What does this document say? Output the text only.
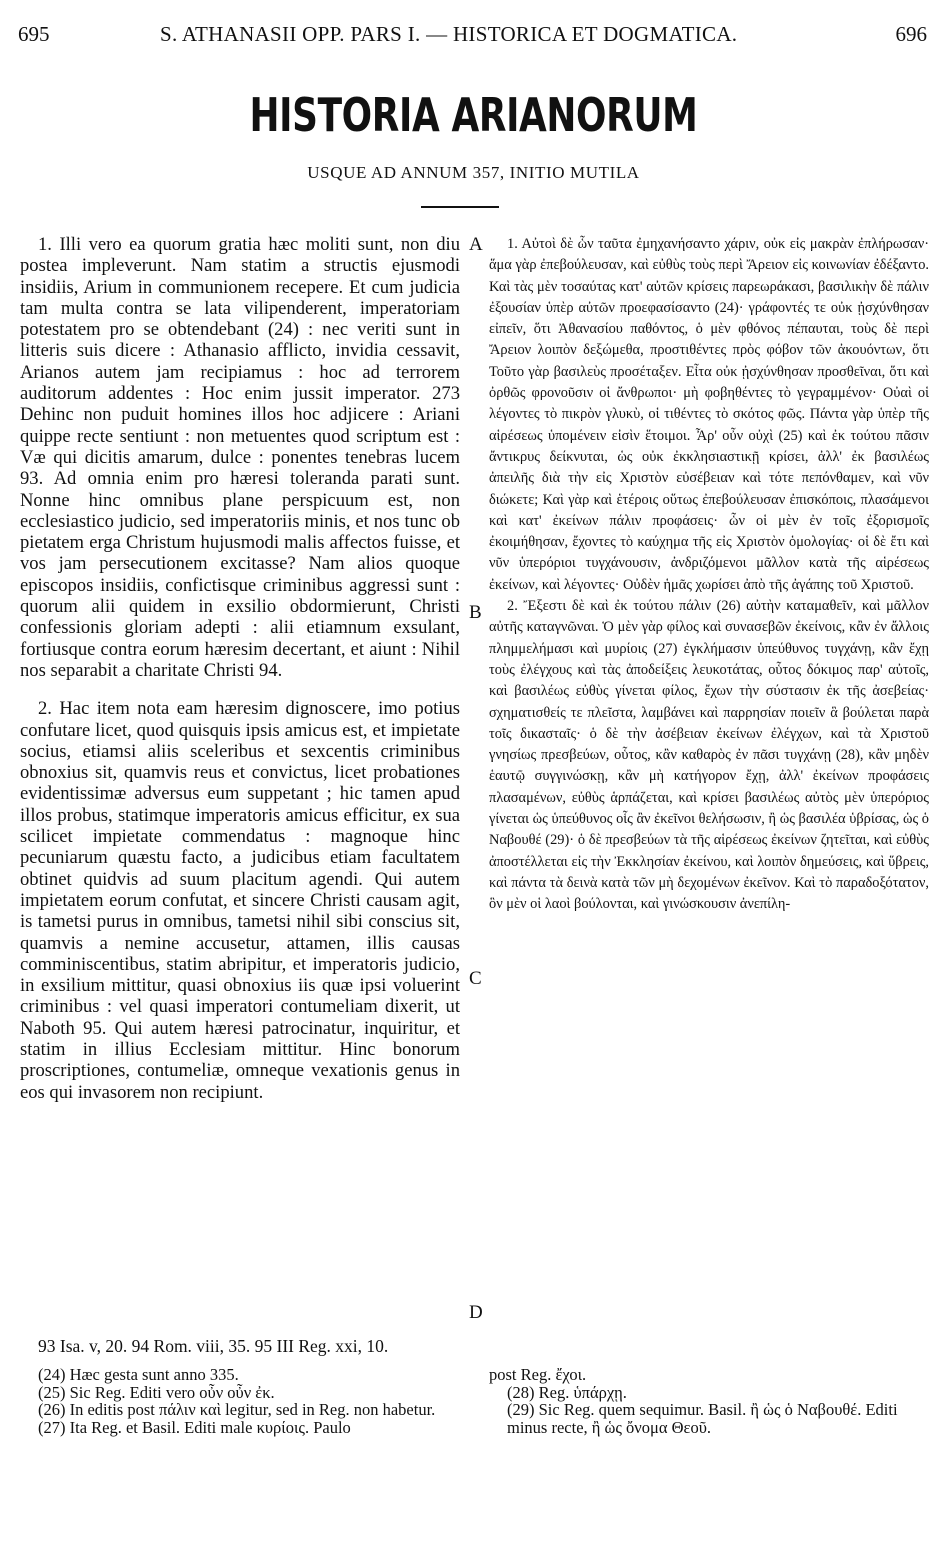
695	S. ATHANASII OPP. PARS I. — HISTORICA ET DOGMATICA.	696
HISTORIA ARIANORUM
USQUE AD ANNUM 357, INITIO MUTILA

1. Illi vero ea quorum gratia hæc moliti sunt, non diu postea impleverunt. Nam statim a structis ejusmodi insidiis, Arium in communionem recepere. Et cum judicia tam multa contra se lata vilipenderent, imperatoriam potestatem pro se obtendebant (24) : nec veriti sunt in litteris suis dicere : Athanasio afflicto, invidia cessavit, Arianos autem jam recipiamus : hoc ad terrorem auditorum addentes : Hoc enim jussit imperator. 273 Dehinc non puduit homines illos hoc adjicere : Ariani quippe recte sentiunt : non metuentes quod scriptum est : Væ qui dicitis amarum, dulce : ponentes tenebras lucem 93. Ad omnia enim pro hæresi toleranda parati sunt. Nonne hinc omnibus plane perspicuum est, non ecclesiastico judicio, sed imperatoriis minis, et nos tunc ob pietatem erga Christum hujusmodi malis affectos fuisse, et vos jam persecutionem excitasse? Nam alios quoque episcopos insidiis, confictisque criminibus aggressi sunt : quorum alii quidem in exsilio obdormierunt, Christi confessionis gloriam adepti : alii etiamnum exsulant, fortiusque contra eorum hæresim decertant, et aiunt : Nihil nos separabit a charitate Christi 94.

2. Hac item nota eam hæresim dignoscere, imo potius confutare licet, quod quisquis ipsis amicus est, et impietate socius, etiamsi aliis sceleribus et sexcentis criminibus obnoxius sit, quamvis reus et convictus, licet probationes evidentissimæ adversus eum suppetant ; hic tamen apud illos probus, statimque imperatoris amicus efficitur, ex sua scilicet impietate commendatus : magnoque hinc pecuniarum quæstu facto, a judicibus etiam facultatem obtinet quidvis ad suum placitum agendi. Qui autem impietatem eorum confutat, et sincere Christi causam agit, is tametsi purus in omnibus, tametsi nihil sibi conscius sit, quamvis a nemine accusetur, attamen, illis causas comminiscentibus, statim abripitur, et imperatoris judicio, in exsilium mittitur, quasi obnoxius iis quæ ipsi voluerint criminibus : vel quasi imperatori contumeliam dixerit, ut Naboth 95. Qui autem hæresi patrocinatur, inquiritur, et statim in illius Ecclesiam mittitur. Hinc bonorum proscriptiones, contumeliæ, omneque vexationis genus in eos qui invasorem non recipiunt.

1. Αὐτοὶ δὲ ὧν ταῦτα ἐμηχανήσαντο χάριν, οὐκ εἰς μακρὰν ἐπλήρωσαν· ἅμα γὰρ ἐπεβούλευσαν, καὶ εὐθὺς τοὺς περὶ Ἄρειον εἰς κοινωνίαν ἐδέξαντο. Καὶ τὰς μὲν τοσαύτας κατ' αὐτῶν κρίσεις παρεωράκασι, βασιλικὴν δὲ πάλιν ἐξουσίαν ὑπὲρ αὐτῶν προεφασίσαντο (24)· γράφοντές τε οὐκ ᾐσχύνθησαν εἰπεῖν, ὅτι Ἀθανασίου παθόντος, ὁ μὲν φθόνος πέπαυται, τοὺς δὲ περὶ Ἄρειον λοιπὸν δεξώμεθα, προστιθέντες πρὸς φόβον τῶν ἀκουόντων, ὅτι Τοῦτο γὰρ βασιλεὺς προσέταξεν. Εἶτα οὐκ ᾐσχύνθησαν προσθεῖναι, ὅτι καὶ ὀρθῶς φρονοῦσιν οἱ ἄνθρωποι· μὴ φοβηθέντες τὸ γεγραμμένον· Οὐαὶ οἱ λέγοντες τὸ πικρὸν γλυκὺ, οἱ τιθέντες τὸ σκότος φῶς. Πάντα γὰρ ὑπὲρ τῆς αἱρέσεως ὑπομένειν εἰσὶν ἕτοιμοι. Ἆρ' οὖν οὐχὶ (25) καὶ ἐκ τούτου πᾶσιν ἄντικρυς δείκνυται, ὡς οὐκ ἐκκλησιαστικῇ κρίσει, ἀλλ' ἐκ βασιλέως ἀπειλῆς διὰ τὴν εἰς Χριστὸν εὐσέβειαν καὶ τότε πεπόνθαμεν, καὶ νῦν διώκετε; Καὶ γὰρ καὶ ἑτέροις οὕτως ἐπεβούλευσαν ἐπισκόποις, πλασάμενοι καὶ κατ' ἐκείνων πάλιν προφάσεις· ὧν οἱ μὲν ἐν τοῖς ἐξορισμοῖς ἐκοιμήθησαν, ἔχοντες τὸ καύχημα τῆς εἰς Χριστὸν ὁμολογίας· οἱ δὲ ἔτι καὶ νῦν ὑπερόριοι τυγχάνουσιν, ἀνδριζόμενοι μᾶλλον κατὰ τῆς αἱρέσεως ἐκείνων, καὶ λέγοντες· Οὐδὲν ἡμᾶς χωρίσει ἀπὸ τῆς ἀγάπης τοῦ Χριστοῦ.

2. Ἔξεστι δὲ καὶ ἐκ τούτου πάλιν (26) αὐτὴν καταμαθεῖν, καὶ μᾶλλον αὐτῆς καταγνῶναι. Ὁ μὲν γὰρ φίλος καὶ συνασεβῶν ἐκείνοις, κἂν ἐν ἄλλοις πλημμελήμασι καὶ μυρίοις (27) ἐγκλήμασιν ὑπεύθυνος τυγχάνῃ, κἂν ἔχῃ τοὺς ἐλέγχους καὶ τὰς ἀποδείξεις λευκοτάτας, οὗτος δόκιμος παρ' αὐτοῖς, καὶ βασιλέως εὐθὺς γίνεται φίλος, ἔχων τὴν σύστασιν ἐκ τῆς ἀσεβείας· σχηματισθείς τε πλεῖστα, λαμβάνει καὶ παρρησίαν ποιεῖν ἃ βούλεται παρὰ τοῖς δικασταῖς· ὁ δὲ τὴν ἀσέβειαν ἐκείνων ἐλέγχων, καὶ τὰ Χριστοῦ γνησίως πρεσβεύων, οὗτος, κἂν καθαρὸς ἐν πᾶσι τυγχάνῃ (28), κἂν μηδὲν ἑαυτῷ συγγινώσκῃ, κἂν μὴ κατήγορον ἔχῃ, ἀλλ' ἐκείνων προφάσεις πλασαμένων, εὐθὺς ἁρπάζεται, καὶ κρίσει βασιλέως αὐτὸς μὲν ὑπερόριος γίνεται ὡς ὑπεύθυνος οἷς ἂν ἐκεῖνοι θελήσωσιν, ἢ ὡς βασιλέα ὑβρίσας, ὡς ὁ Ναβουθέ (29)· ὁ δὲ πρεσβεύων τὰ τῆς αἱρέσεως ἐκείνων ζητεῖται, καὶ εὐθὺς ἀποστέλλεται εἰς τὴν Ἐκκλησίαν ἐκείνου, καὶ λοιπὸν δημεύσεις, καὶ ὕβρεις, καὶ πάντα τὰ δεινὰ κατὰ τῶν μὴ δεχομένων ἐκεῖνον. Καὶ τὸ παραδοξότατον, ὃν μὲν οἱ λαοὶ βούλονται, καὶ γινώσκουσιν ἀνεπίλη-

A
B
C
D
93 Isa. v, 20. 94 Rom. viii, 35. 95 III Reg. xxi, 10.

(24) Hæc gesta sunt anno 335.

(25) Sic Reg. Editi vero οὖν οὖν ἐκ.

(26) In editis post πάλιν καὶ legitur, sed in Reg. non habetur.

(27) Ita Reg. et Basil. Editi male κυρίοις. Paulo

post Reg. ἔχοι.

(28) Reg. ὑπάρχῃ.

(29) Sic Reg. quem sequimur. Basil. ἢ ὡς ὁ Ναβουθέ. Editi minus recte, ἢ ὡς ὄνομα Θεοῦ.
